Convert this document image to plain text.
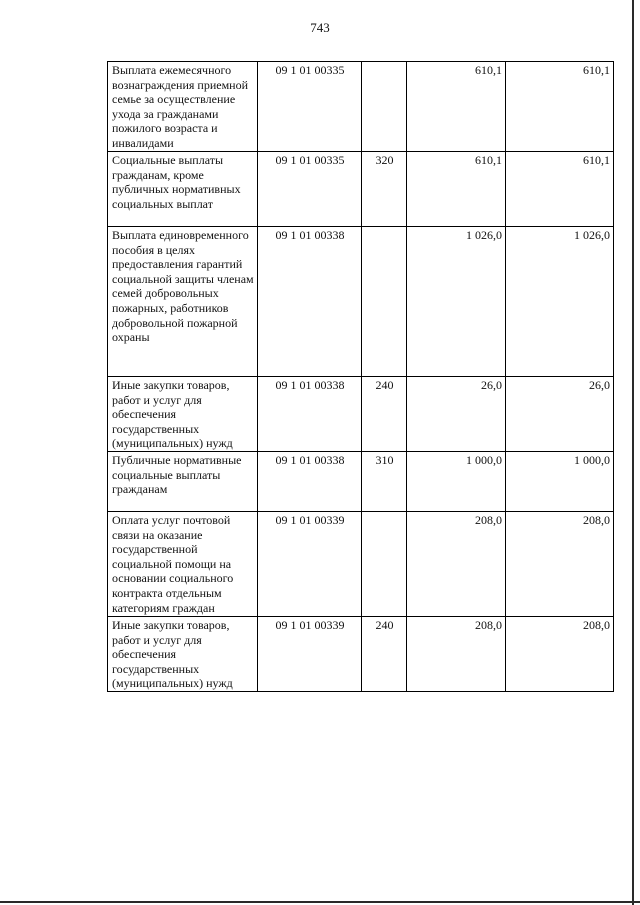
743
Выплата ежемесячного вознаграждения приемной семье за осуществление ухода за гражданами пожилого возраста и инвалидами	09 1 01 00335		610,1	610,1
Социальные выплаты гражданам, кроме публичных нормативных социальных выплат	09 1 01 00335	320	610,1	610,1
Выплата единовременного пособия в целях предоставления гарантий социальной защиты членам семей добровольных пожарных, работников добровольной пожарной охраны	09 1 01 00338		1 026,0	1 026,0
Иные закупки товаров, работ и услуг для обеспечения государственных (муниципальных) нужд	09 1 01 00338	240	26,0	26,0
Публичные нормативные социальные выплаты гражданам	09 1 01 00338	310	1 000,0	1 000,0
Оплата услуг почтовой связи на оказание государственной социальной помощи на основании социального контракта отдельным категориям граждан	09 1 01 00339		208,0	208,0
Иные закупки товаров, работ и услуг для обеспечения государственных (муниципальных) нужд	09 1 01 00339	240	208,0	208,0
